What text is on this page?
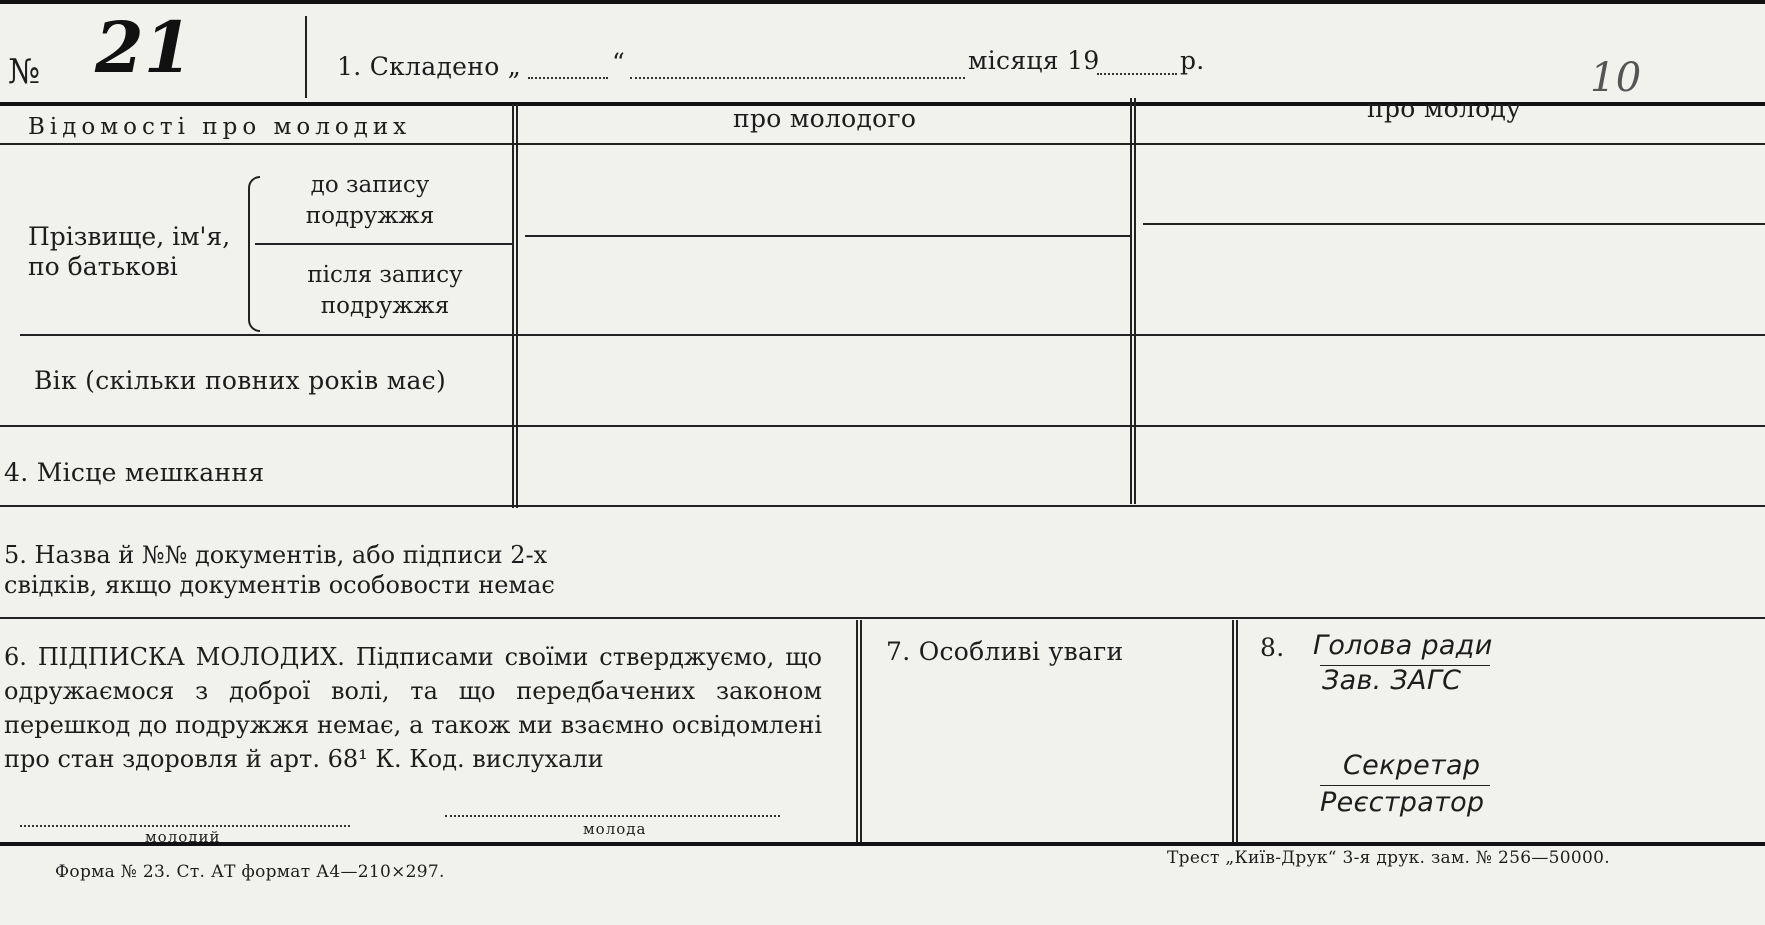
№ 21	1. Складено „	“	місяця 19	р.	10
Відомості про молодих	про молодого	про молоду
Прізвище, ім'я, по батькові
до запису подружжя
після запису подружжя
Вік (скільки повних років має)
4. Місце мешкання
5. Назва й №№ документів, або підписи 2-х свідків, якщо документів особовости немає
6. ПІДПИСКА МОЛОДИХ. Підписами своїми стверджуємо, що одружаємося з доброї волі, та що передбачених законом перешкод до подружжя немає, а також ми взаємно освідомлені про стан здоровля й арт. 68¹ К. Код. вислухали
молодий	молода
7. Особливі уваги	8. Голова ради
Зав. ЗАГС
Секретар
Реєстратор
Форма № 23. Ст. АТ формат А4—210×297.
Трест „Київ-Друк“ 3-я друк. зам. № 256—50000.
